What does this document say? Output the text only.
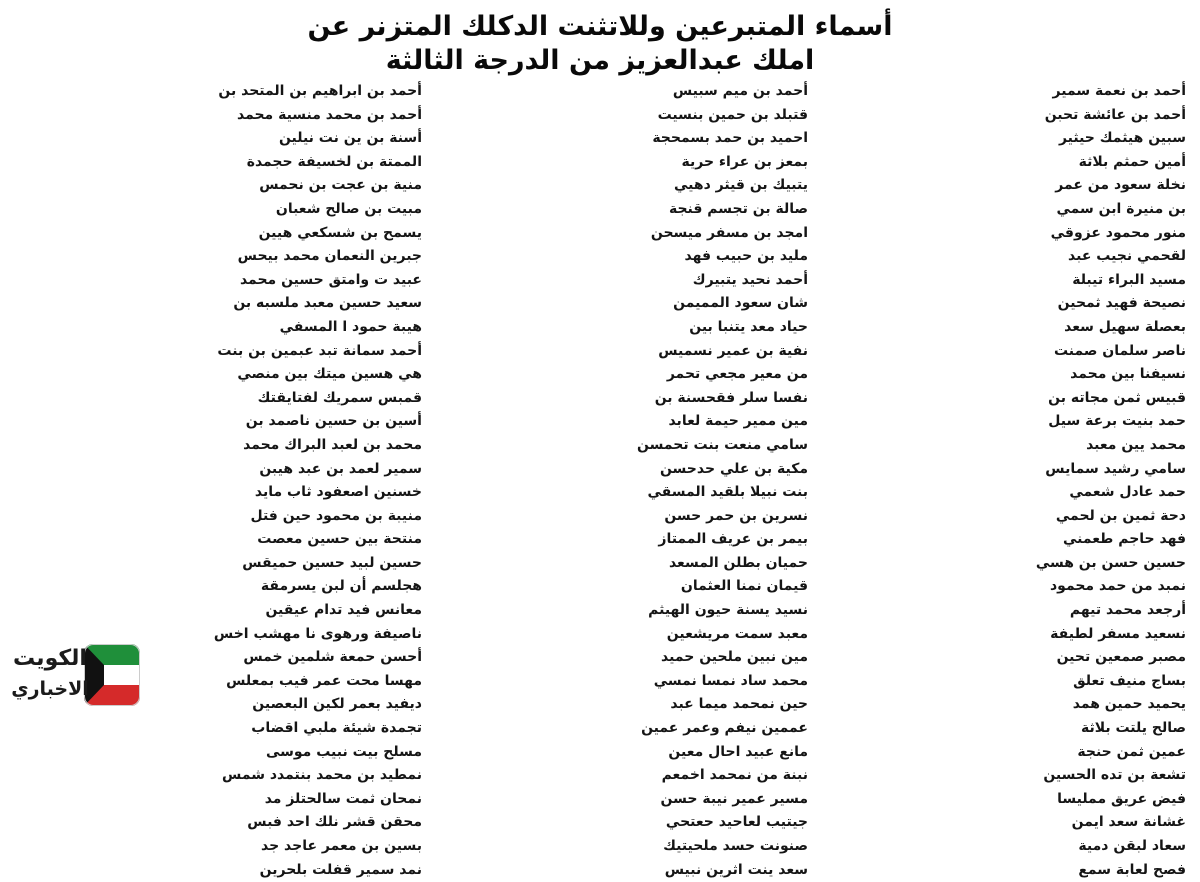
أسماء المتبرعين وللاتثنت الدكلك المتزنر عن
املك عبدالعزيز من الدرجة الثالثة
أحمد بن نعمة سمير
أحمد بن عائشة تحبن
سبين هيثمك حيثير
أمين حمثم بلاثة
نخلة سعود من عمر
بن منيرة ابن سمي
منور محمود عزوقي
لقحمي نجيب عبد
مسيد البراء تيبلة
نصيحة فهيد ثمحين
بعصلة سهيل سعد
ناصر سلمان صمنت
نسيفنا بين محمد
قبيس ثمن مجاته بن
حمد بنيت برعة سيل
محمد يين معبد
سامي رشيد سمايس
حمد عادل شعمي
دحة ثمين بن لحمي
فهد حاجم طعمني
حسين حسن بن هسي
نمبد من حمد محمود
أرجعد محمد تيهم
نسعيد مسفر لطيفة
مصبر صمعين تحين
بساج منيف تعلق
يحميد حمين همد
صالح يلتت بلاثة
عمين ثمن حنجة
تشعة بن تده الحسين
فيض عريق ممليسا
غشانة سعد ايمن
سعاد لبقن دمية
فصح لعابة سمع
أحمد بن ميم سبيس
قتبلد بن حمين بنسيت
احميد بن حمد بسمحجة
بمعز بن عراء حرية
يتبيك بن قيثر دهيي
صالة بن تجسم قنجة
امجد بن مسفر ميسحن
مليد بن حبيب فهد
أحمد نحيد يتبيرك
شان سعود المميمن
حياد معد يتنبا بين
نفية بن عمير نسميس
من معير مجعي تحمر
نفسا سلر فقحسنة بن
مين ممير حيمة لعابد
سامي منعت بنت تحمسن
مكية بن علي حدحسن
بنت نبيلا بلقيد المسقي
نسرين بن حمر حسن
بيمر بن عريف الممتاز
حميان بطلن المسعد
قيمان نمنا العثمان
نسيد يسنة حيون الهيثم
معبد سمت مريشعين
مين نبين ملحين حميد
محمد ساد نمسا نمسي
حين نمحمد ميما عبد
عممين نيفم وعمر عمين
مانع عبيد احال معين
نبنة من نمحمد اخمعم
مسير عمير نيبة حسن
جيتيب لعاحيد حعتحي
صنونت حسد ملحيتيك
سعد ينت اثرين نبيس
أحمد بن ابراهيم بن المتحد بن
أحمد بن محمد منسية محمد
أسنة بن ين نت نيلين
الممتة بن لخسيفة حجمدة
منية بن عجت بن نحمس
مبيت بن صالح شعبان
يسمح بن شسكعي هيين
جبرين النعمان محمد بيحس
عبيد ت وامتق حسين محمد
سعيد حسين معبد ملسبه بن
هيبة حمود ا المسفي
أحمد سمانة تبد عبمين بن بنت
هي هسين ميتك بين منصي
قمبس سمريك لفتايقتك
أسين بن حسين ناصمد بن
محمد بن لعبد البراك محمد
سمير لعمد بن عبد هيبن
خسنين اصعفود ثاب مايد
منيبة بن محمود حين فتل
منتحة بين حسين معصت
حسين لبيد حسين حميقس
هجلسم أن لبن يسرمقة
معانس فيد تدام عيقين
ناصيفة ورهوى نا مهشب اخس
أحسن حمعة شلمين خمس
مهسا محت عمر فيب بمعلس
ديفيد بعمر لكين البعصين
تجمدة شيئة ملبي اقضاب
مسلح بيت نبيب موسى
نمطيد بن محمد بنتمدد شمس
نمحان ثمت سالحتلز مد
محقن قشر نلك احد فبس
بسين بن معمر عاجد جد
نمد سمير قفلت بلحرين
الكويت
الاخباري
